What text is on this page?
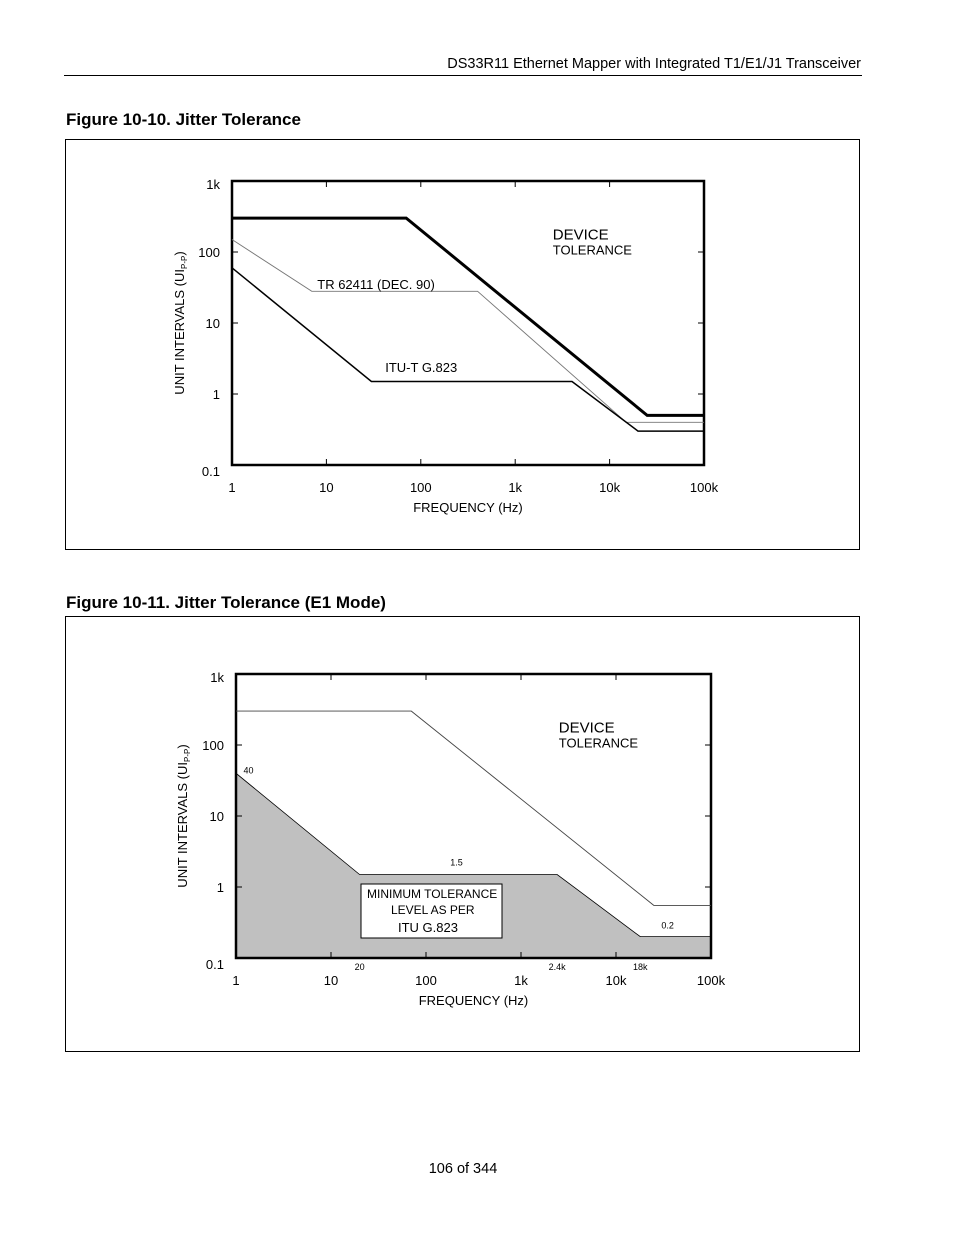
DS33R11 Ethernet Mapper with Integrated T1/E1/J1 Transceiver
Figure 10-10. Jitter Tolerance
1	10	100	1k	10k	100k
0.1
1
10
100
1k
FREQUENCY (Hz)
UNIT INTERVALS $(UI_{P-P})$
DEVICE
TOLERANCE
TR 62411 (DEC. 90)
ITU-T G.823
Figure 10-11. Jitter Tolerance (E1 Mode)
1	10	100	1k	10k	100k
0.1
1
10
100
1k
20	2.4k	18k
FREQUENCY (Hz)
UNIT INTERVALS $(UI_{P-P})$
DEVICE
TOLERANCE
40
1.5
0.2
MINIMUM TOLERANCE
LEVEL AS PER
ITU G.823
106 of 344
